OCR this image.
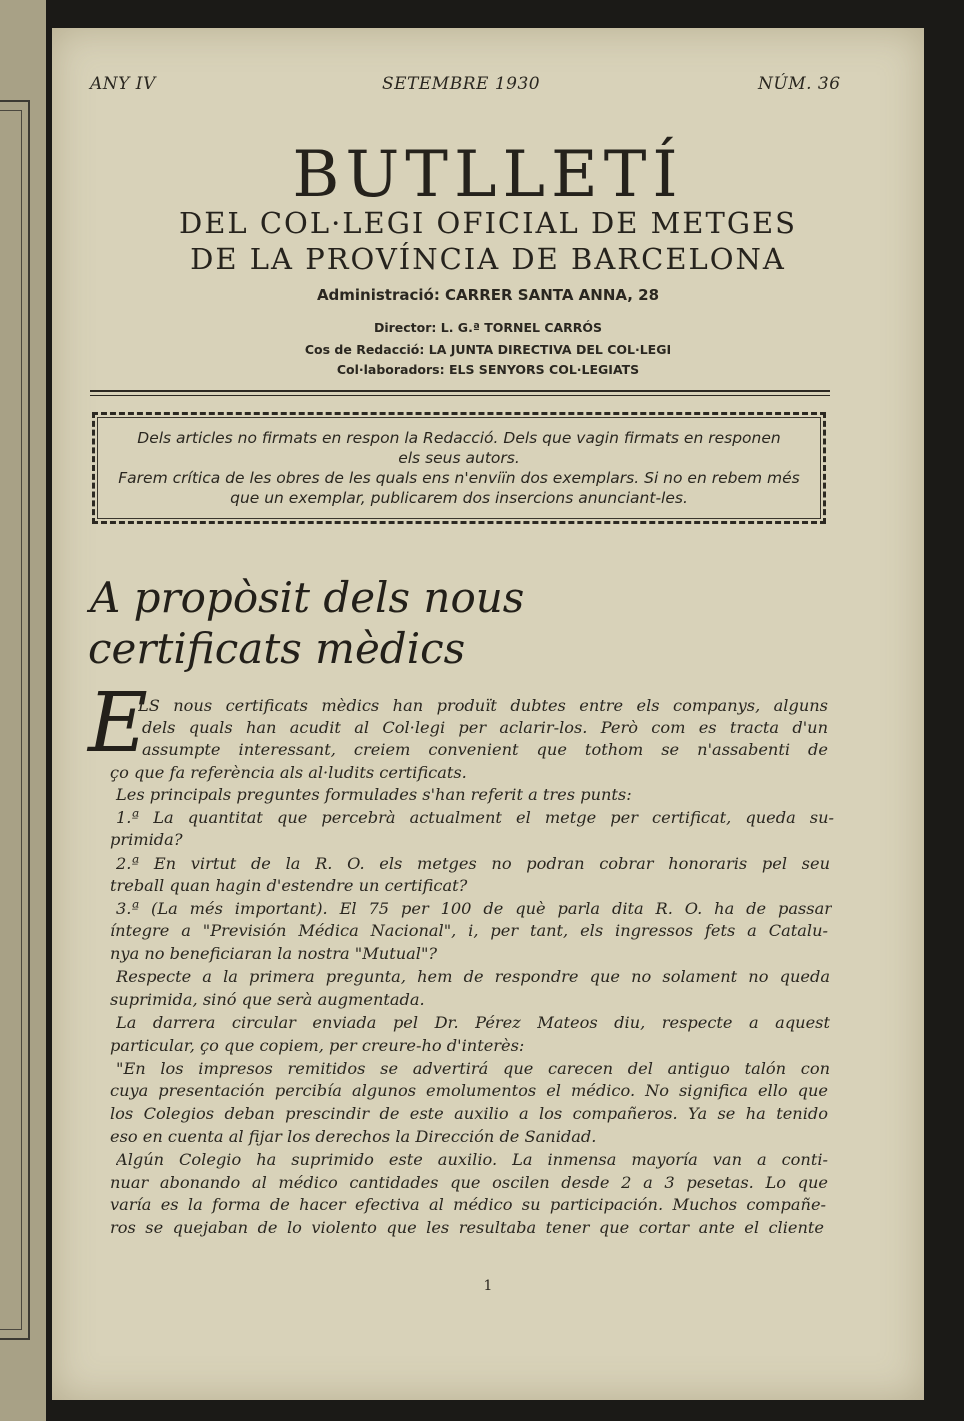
ANY IV	SETEMBRE 1930	NÚM. 36

BUTLLETÍ

DEL COL·LEGI OFICIAL DE METGES

DE LA PROVÍNCIA DE BARCELONA

Administració: CARRER SANTA ANNA, 28

Director: L. G.ª TORNEL CARRÓS

Cos de Redacció: LA JUNTA DIRECTIVA DEL COL·LEGI

Col·laboradors: ELS SENYORS COL·LEGIATS

Dels articles no firmats en respon la Redacció. Dels que vagin firmats en responen

els seus autors.

Farem crítica de les obres de les quals ens n'enviïn dos exemplars. Si no en rebem més

que un exemplar, publicarem dos insercions anunciant-les.

A propòsit dels nous

certificats mèdics

E

LS nous certificats mèdics han produït dubtes entre els companys, alguns

dels quals han acudit al Col·legi per aclarir-los. Però com es tracta d'un

assumpte interessant, creiem convenient que tothom se n'assabenti de

ço que fa referència als al·ludits certificats.

Les principals preguntes formulades s'han referit a tres punts:

1.ª La quantitat que percebrà actualment el metge per certificat, queda su-

primida?

2.ª En virtut de la R. O. els metges no podran cobrar honoraris pel seu

treball quan hagin d'estendre un certificat?

3.ª (La més important). El 75 per 100 de què parla dita R. O. ha de passar

íntegre a "Previsión Médica Nacional", i, per tant, els ingressos fets a Catalu-

nya no beneficiaran la nostra "Mutual"?

Respecte a la primera pregunta, hem de respondre que no solament no queda

suprimida, sinó que serà augmentada.

La darrera circular enviada pel Dr. Pérez Mateos diu, respecte a aquest

particular, ço que copiem, per creure-ho d'interès:

"En los impresos remitidos se advertirá que carecen del antiguo talón con

cuya presentación percibía algunos emolumentos el médico. No significa ello que

los Colegios deban prescindir de este auxilio a los compañeros. Ya se ha tenido

eso en cuenta al fijar los derechos la Dirección de Sanidad.

Algún Colegio ha suprimido este auxilio. La inmensa mayoría van a conti-

nuar abonando al médico cantidades que oscilen desde 2 a 3 pesetas. Lo que

varía es la forma de hacer efectiva al médico su participación. Muchos compañe-

ros se quejaban de lo violento que les resultaba tener que cortar ante el cliente

1
